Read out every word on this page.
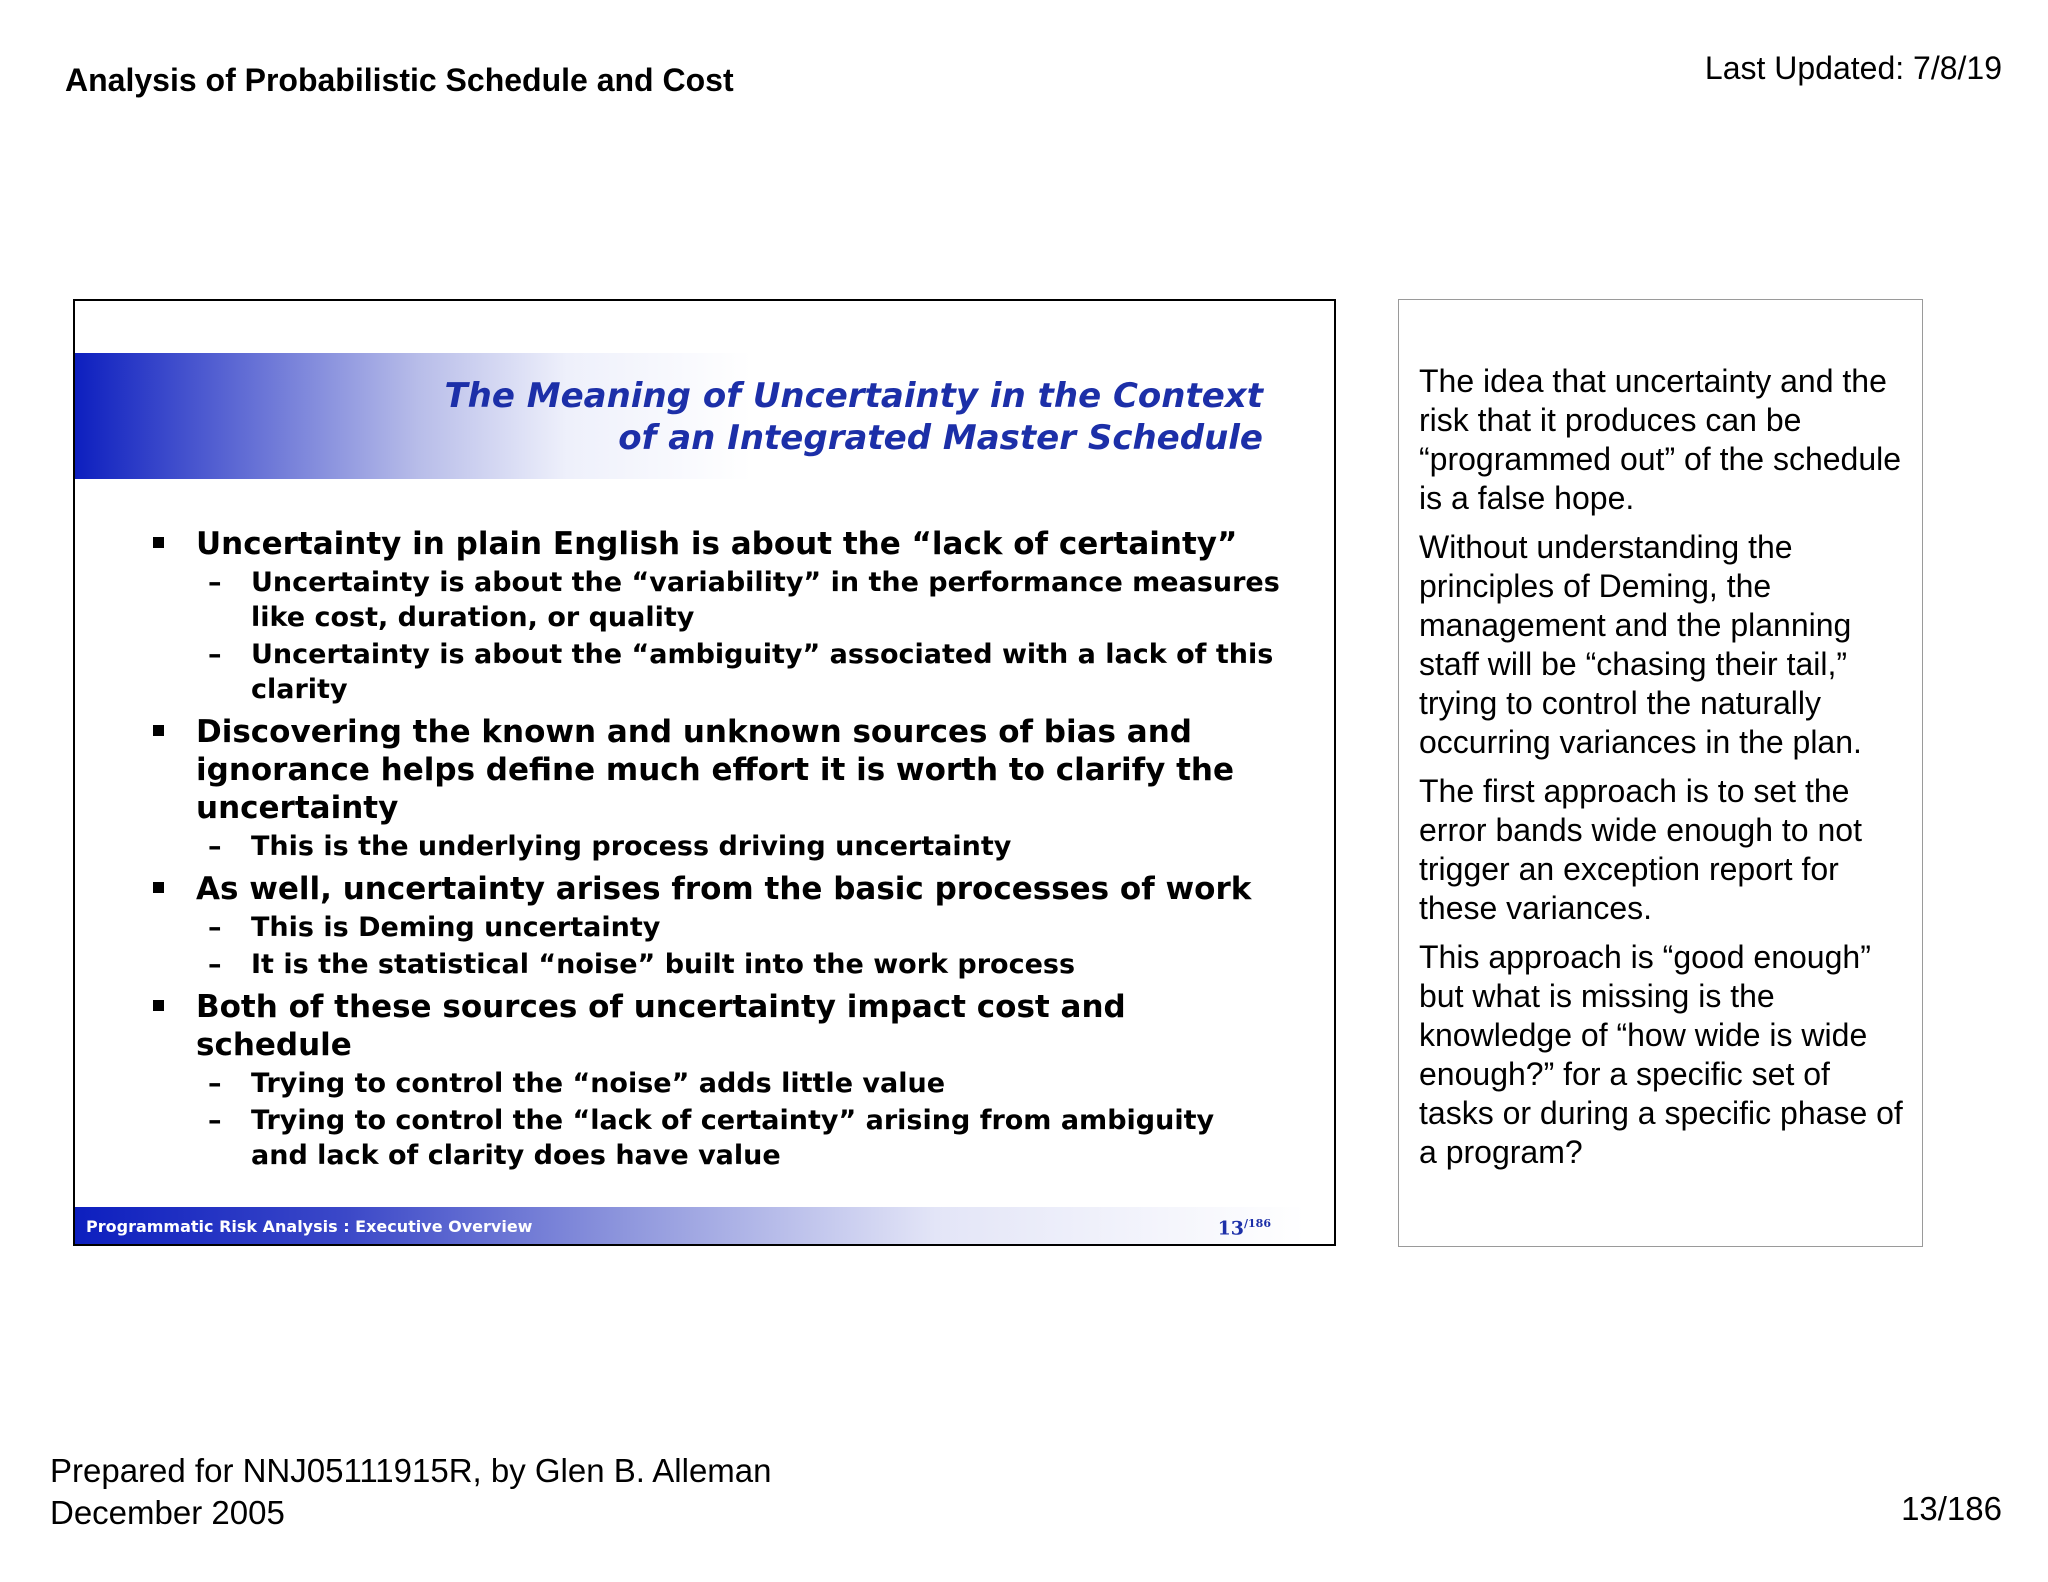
Analysis of Probabilistic Schedule and Cost	Last Updated: 7/8/19
The Meaning of Uncertainty in the Context
of an Integrated Master Schedule
Uncertainty in plain English is about the “lack of certainty”
– Uncertainty is about the “variability” in the performance measures like cost, duration, or quality
– Uncertainty is about the “ambiguity” associated with a lack of this clarity
Discovering the known and unknown sources of bias and ignorance helps define much effort it is worth to clarify the uncertainty
– This is the underlying process driving uncertainty
As well, uncertainty arises from the basic processes of work
– This is Deming uncertainty
– It is the statistical “noise” built into the work process
Both of these sources of uncertainty impact cost and schedule
– Trying to control the “noise” adds little value
– Trying to control the “lack of certainty” arising from ambiguity and lack of clarity does have value
Programmatic Risk Analysis : Executive Overview	$13^{/186}$

The idea that uncertainty and the risk that it produces can be “programmed out” of the schedule is a false hope.

Without understanding the principles of Deming, the management and the planning staff will be “chasing their tail,” trying to control the naturally occurring variances in the plan.

The first approach is to set the error bands wide enough to not trigger an exception report for these variances.

This approach is “good enough” but what is missing is the knowledge of “how wide is wide enough?” for a specific set of tasks or during a specific phase of a program?

Prepared for NNJ05111915R, by Glen B. Alleman
December 2005	13/186
